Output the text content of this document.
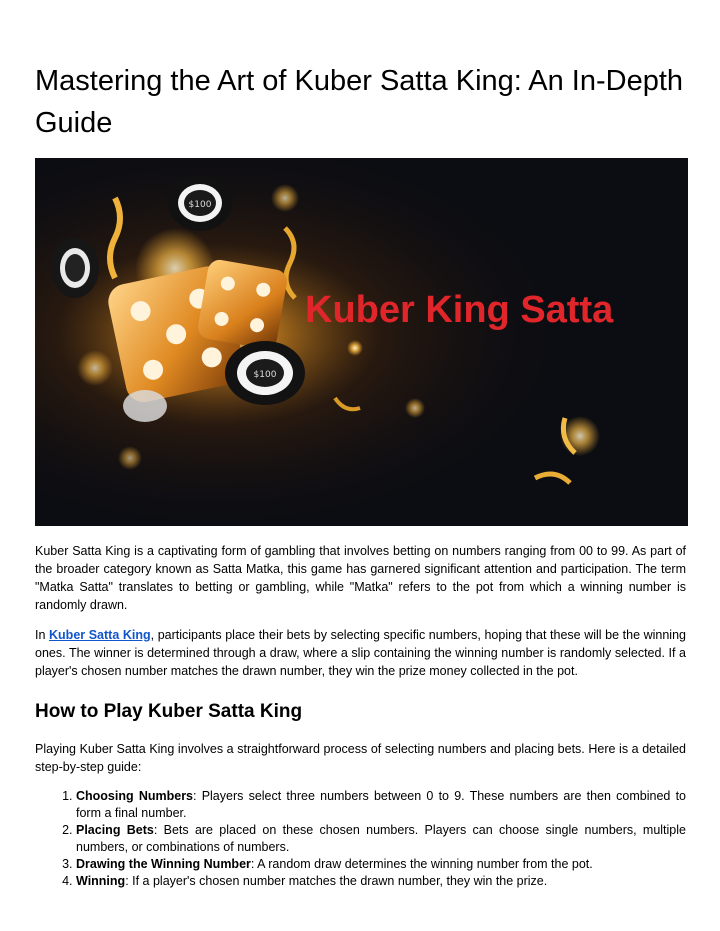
Mastering the Art of Kuber Satta King: An In-Depth Guide
$100
$100
Kuber King Satta

Kuber Satta King is a captivating form of gambling that involves betting on numbers ranging from 00 to 99. As part of the broader category known as Satta Matka, this game has garnered significant attention and participation. The term "Matka Satta" translates to betting or gambling, while "Matka" refers to the pot from which a winning number is randomly drawn.

In Kuber Satta King, participants place their bets by selecting specific numbers, hoping that these will be the winning ones. The winner is determined through a draw, where a slip containing the winning number is randomly selected. If a player's chosen number matches the drawn number, they win the prize money collected in the pot.

How to Play Kuber Satta King

Playing Kuber Satta King involves a straightforward process of selecting numbers and placing bets. Here is a detailed step-by-step guide:

1. Choosing Numbers: Players select three numbers between 0 to 9. These numbers are then combined to form a final number.
2. Placing Bets: Bets are placed on these chosen numbers. Players can choose single numbers, multiple numbers, or combinations of numbers.
3. Drawing the Winning Number: A random draw determines the winning number from the pot.
4. Winning: If a player's chosen number matches the drawn number, they win the prize.
